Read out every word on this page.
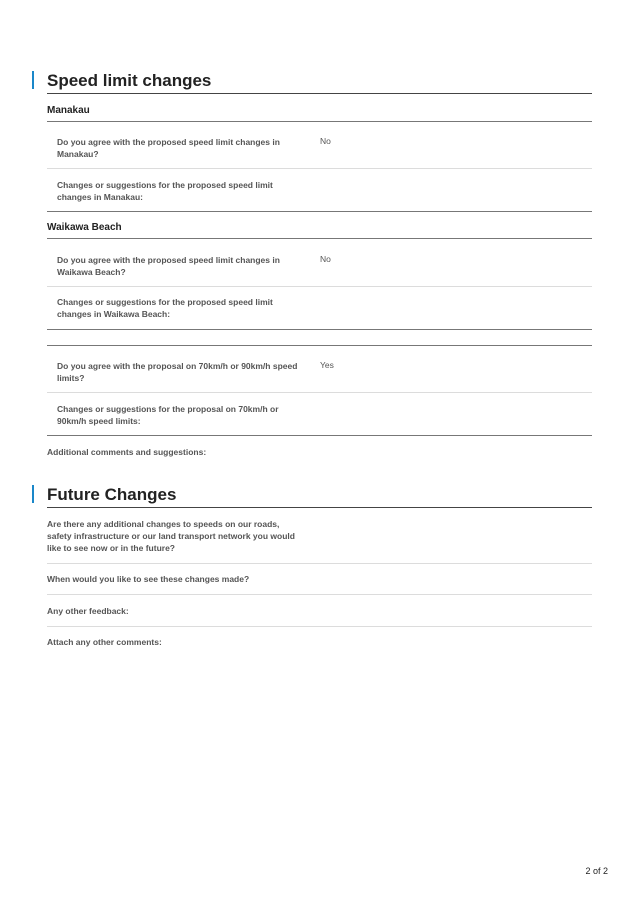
Speed limit changes
Manakau
Do you agree with the proposed speed limit changes in Manakau?
No
Changes or suggestions for the proposed speed limit changes in Manakau:
Waikawa Beach
Do you agree with the proposed speed limit changes in Waikawa Beach?
No
Changes or suggestions for the proposed speed limit changes in Waikawa Beach:
Do you agree with the proposal on 70km/h or 90km/h speed limits?
Yes
Changes or suggestions for the proposal on 70km/h or 90km/h speed limits:
Additional comments and suggestions:
Future Changes
Are there any additional changes to speeds on our roads, safety infrastructure or our land transport network you would like to see now or in the future?
When would you like to see these changes made?
Any other feedback:
Attach any other comments:
2 of 2
